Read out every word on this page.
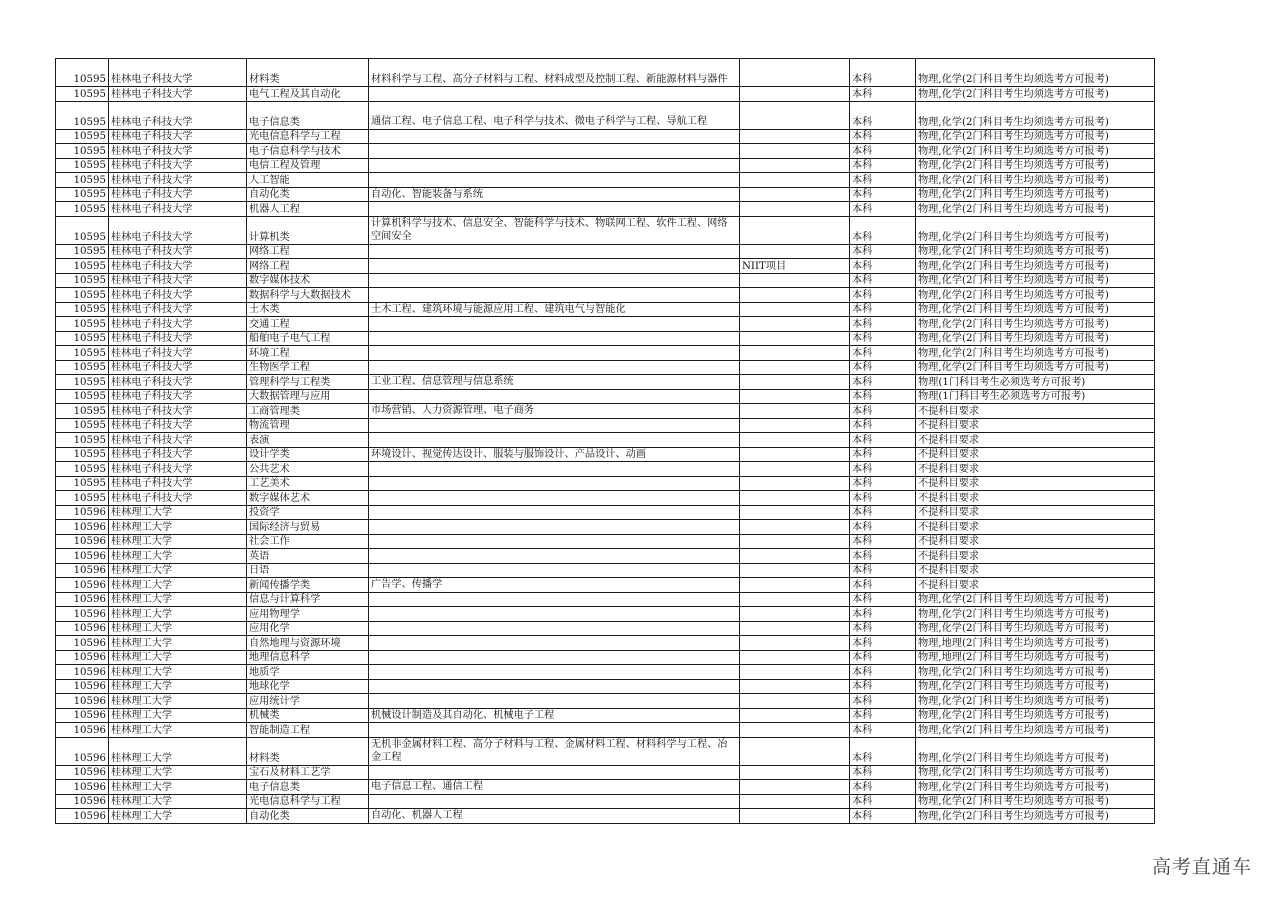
10595	桂林电子科技大学	材料类	材料科学与工程、高分子材料与工程、材料成型及控制工程、新能源材料与器件		本科	物理,化学(2门科目考生均须选考方可报考)
10595	桂林电子科技大学	电气工程及其自动化			本科	物理,化学(2门科目考生均须选考方可报考)
10595	桂林电子科技大学	电子信息类	通信工程、电子信息工程、电子科学与技术、微电子科学与工程、导航工程		本科	物理,化学(2门科目考生均须选考方可报考)
10595	桂林电子科技大学	光电信息科学与工程			本科	物理,化学(2门科目考生均须选考方可报考)
10595	桂林电子科技大学	电子信息科学与技术			本科	物理,化学(2门科目考生均须选考方可报考)
10595	桂林电子科技大学	电信工程及管理			本科	物理,化学(2门科目考生均须选考方可报考)
10595	桂林电子科技大学	人工智能			本科	物理,化学(2门科目考生均须选考方可报考)
10595	桂林电子科技大学	自动化类	自动化、智能装备与系统		本科	物理,化学(2门科目考生均须选考方可报考)
10595	桂林电子科技大学	机器人工程			本科	物理,化学(2门科目考生均须选考方可报考)
10595	桂林电子科技大学	计算机类	计算机科学与技术、信息安全、智能科学与技术、物联网工程、软件工程、网络空间安全		本科	物理,化学(2门科目考生均须选考方可报考)
10595	桂林电子科技大学	网络工程			本科	物理,化学(2门科目考生均须选考方可报考)
10595	桂林电子科技大学	网络工程		NIIT项目	本科	物理,化学(2门科目考生均须选考方可报考)
10595	桂林电子科技大学	数字媒体技术			本科	物理,化学(2门科目考生均须选考方可报考)
10595	桂林电子科技大学	数据科学与大数据技术			本科	物理,化学(2门科目考生均须选考方可报考)
10595	桂林电子科技大学	土木类	土木工程、建筑环境与能源应用工程、建筑电气与智能化		本科	物理,化学(2门科目考生均须选考方可报考)
10595	桂林电子科技大学	交通工程			本科	物理,化学(2门科目考生均须选考方可报考)
10595	桂林电子科技大学	船舶电子电气工程			本科	物理,化学(2门科目考生均须选考方可报考)
10595	桂林电子科技大学	环境工程			本科	物理,化学(2门科目考生均须选考方可报考)
10595	桂林电子科技大学	生物医学工程			本科	物理,化学(2门科目考生均须选考方可报考)
10595	桂林电子科技大学	管理科学与工程类	工业工程、信息管理与信息系统		本科	物理(1门科目考生必须选考方可报考)
10595	桂林电子科技大学	大数据管理与应用			本科	物理(1门科目考生必须选考方可报考)
10595	桂林电子科技大学	工商管理类	市场营销、人力资源管理、电子商务		本科	不提科目要求
10595	桂林电子科技大学	物流管理			本科	不提科目要求
10595	桂林电子科技大学	表演			本科	不提科目要求
10595	桂林电子科技大学	设计学类	环境设计、视觉传达设计、服装与服饰设计、产品设计、动画		本科	不提科目要求
10595	桂林电子科技大学	公共艺术			本科	不提科目要求
10595	桂林电子科技大学	工艺美术			本科	不提科目要求
10595	桂林电子科技大学	数字媒体艺术			本科	不提科目要求
10596	桂林理工大学	投资学			本科	不提科目要求
10596	桂林理工大学	国际经济与贸易			本科	不提科目要求
10596	桂林理工大学	社会工作			本科	不提科目要求
10596	桂林理工大学	英语			本科	不提科目要求
10596	桂林理工大学	日语			本科	不提科目要求
10596	桂林理工大学	新闻传播学类	广告学、传播学		本科	不提科目要求
10596	桂林理工大学	信息与计算科学			本科	物理,化学(2门科目考生均须选考方可报考)
10596	桂林理工大学	应用物理学			本科	物理,化学(2门科目考生均须选考方可报考)
10596	桂林理工大学	应用化学			本科	物理,化学(2门科目考生均须选考方可报考)
10596	桂林理工大学	自然地理与资源环境			本科	物理,地理(2门科目考生均须选考方可报考)
10596	桂林理工大学	地理信息科学			本科	物理,地理(2门科目考生均须选考方可报考)
10596	桂林理工大学	地质学			本科	物理,化学(2门科目考生均须选考方可报考)
10596	桂林理工大学	地球化学			本科	物理,化学(2门科目考生均须选考方可报考)
10596	桂林理工大学	应用统计学			本科	物理,化学(2门科目考生均须选考方可报考)
10596	桂林理工大学	机械类	机械设计制造及其自动化、机械电子工程		本科	物理,化学(2门科目考生均须选考方可报考)
10596	桂林理工大学	智能制造工程			本科	物理,化学(2门科目考生均须选考方可报考)
10596	桂林理工大学	材料类	无机非金属材料工程、高分子材料与工程、金属材料工程、材料科学与工程、冶金工程		本科	物理,化学(2门科目考生均须选考方可报考)
10596	桂林理工大学	宝石及材料工艺学			本科	物理,化学(2门科目考生均须选考方可报考)
10596	桂林理工大学	电子信息类	电子信息工程、通信工程		本科	物理,化学(2门科目考生均须选考方可报考)
10596	桂林理工大学	光电信息科学与工程			本科	物理,化学(2门科目考生均须选考方可报考)
10596	桂林理工大学	自动化类	自动化、机器人工程		本科	物理,化学(2门科目考生均须选考方可报考)
高考直通车
